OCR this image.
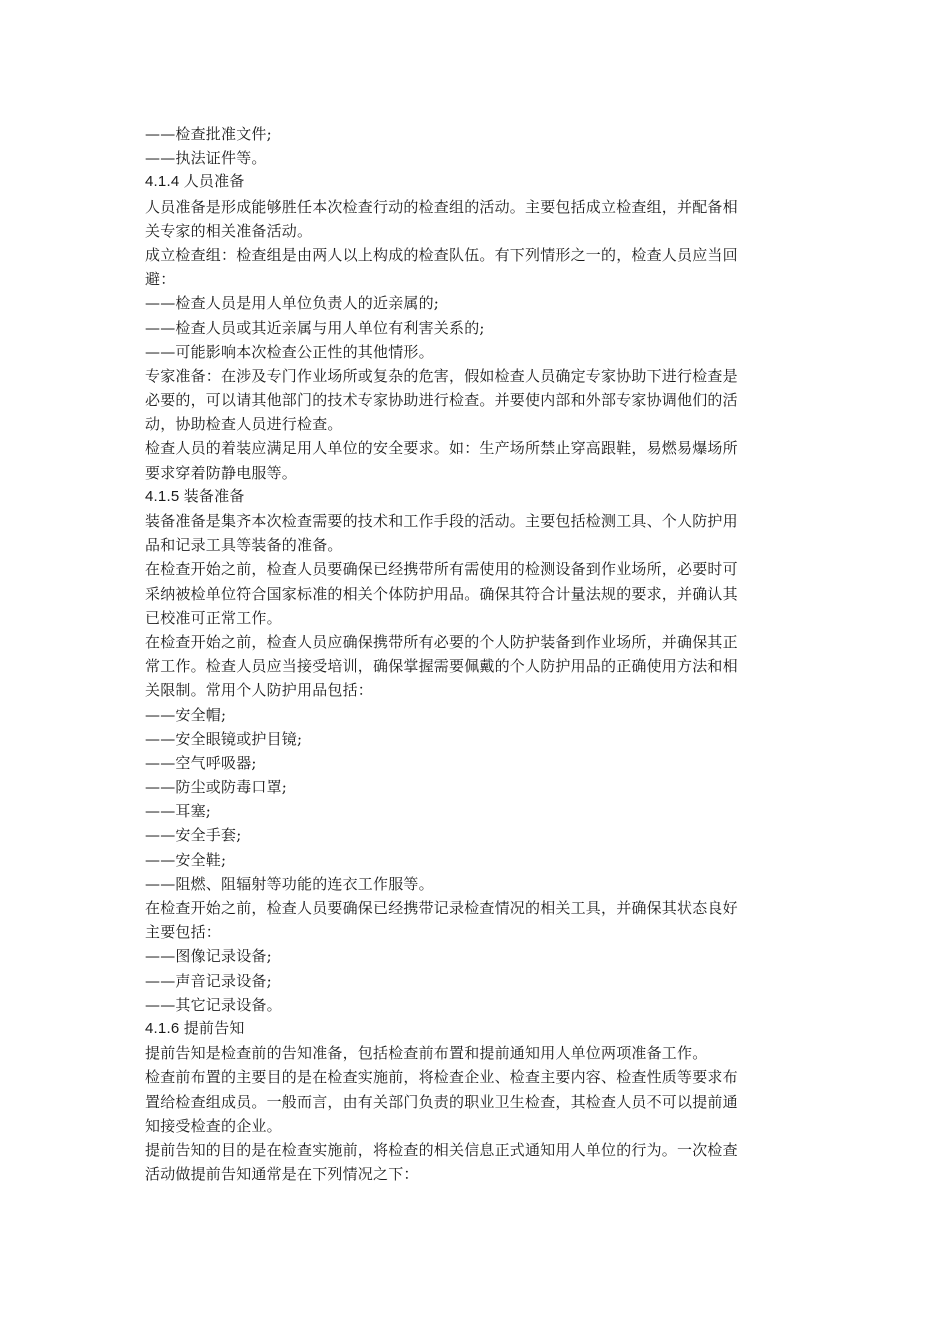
——检查批准文件;
——执法证件等。
4.1.4 人员准备
人员准备是形成能够胜任本次检查行动的检查组的活动。主要包括成立检查组，并配备相
关专家的相关准备活动。
成立检查组：检查组是由两人以上构成的检查队伍。有下列情形之一的，检查人员应当回
避：
——检查人员是用人单位负责人的近亲属的;
——检查人员或其近亲属与用人单位有利害关系的;
——可能影响本次检查公正性的其他情形。
专家准备：在涉及专门作业场所或复杂的危害，假如检查人员确定专家协助下进行检查是
必要的，可以请其他部门的技术专家协助进行检查。并要使内部和外部专家协调他们的活
动，协助检查人员进行检查。
检查人员的着装应满足用人单位的安全要求。如：生产场所禁止穿高跟鞋，易燃易爆场所
要求穿着防静电服等。
4.1.5 装备准备
装备准备是集齐本次检查需要的技术和工作手段的活动。主要包括检测工具、个人防护用
品和记录工具等装备的准备。
在检查开始之前，检查人员要确保已经携带所有需使用的检测设备到作业场所，必要时可
采纳被检单位符合国家标准的相关个体防护用品。确保其符合计量法规的要求，并确认其
已校准可正常工作。
在检查开始之前，检查人员应确保携带所有必要的个人防护装备到作业场所，并确保其正
常工作。检查人员应当接受培训，确保掌握需要佩戴的个人防护用品的正确使用方法和相
关限制。常用个人防护用品包括：
——安全帽;
——安全眼镜或护目镜;
——空气呼吸器;
——防尘或防毒口罩;
——耳塞;
——安全手套;
——安全鞋;
——阻燃、阻辐射等功能的连衣工作服等。
在检查开始之前，检查人员要确保已经携带记录检查情况的相关工具，并确保其状态良好
主要包括：
——图像记录设备;
——声音记录设备;
——其它记录设备。
4.1.6 提前告知
提前告知是检查前的告知准备，包括检查前布置和提前通知用人单位两项准备工作。
检查前布置的主要目的是在检查实施前，将检查企业、检查主要内容、检查性质等要求布
置给检查组成员。一般而言，由有关部门负责的职业卫生检查，其检查人员不可以提前通
知接受检查的企业。
提前告知的目的是在检查实施前，将检查的相关信息正式通知用人单位的行为。一次检查
活动做提前告知通常是在下列情况之下：
